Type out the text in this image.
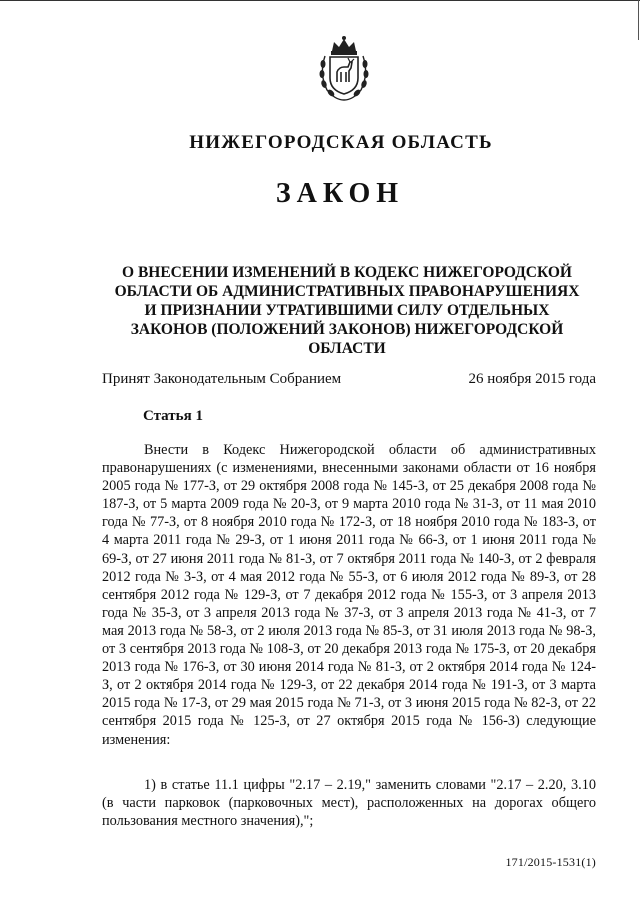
НИЖЕГОРОДСКАЯ ОБЛАСТЬ
ЗАКОН

О ВНЕСЕНИИ ИЗМЕНЕНИЙ В КОДЕКС НИЖЕГОРОДСКОЙ ОБЛАСТИ ОБ АДМИНИСТРАТИВНЫХ ПРАВОНАРУШЕНИЯХ И ПРИЗНАНИИ УТРАТИВШИМИ СИЛУ ОТДЕЛЬНЫХ ЗАКОНОВ (ПОЛОЖЕНИЙ ЗАКОНОВ) НИЖЕГОРОДСКОЙ ОБЛАСТИ

Принят Законодательным Собранием	26 ноября 2015 года
Статья 1

Внести в Кодекс Нижегородской области об административных правонарушениях (с изменениями, внесенными законами области от 16 ноября 2005 года № 177-З, от 29 октября 2008 года № 145-З, от 25 декабря 2008 года № 187-З, от 5 марта 2009 года № 20-З, от 9 марта 2010 года № 31-З, от 11 мая 2010 года № 77-З, от 8 ноября 2010 года № 172-З, от 18 ноября 2010 года № 183-З, от 4 марта 2011 года № 29-З, от 1 июня 2011 года № 66-З, от 1 июня 2011 года № 69-З, от 27 июня 2011 года № 81-З, от 7 октября 2011 года № 140-З, от 2 февраля 2012 года № 3-З, от 4 мая 2012 года № 55-З, от 6 июля 2012 года № 89-З, от 28 сентября 2012 года № 129-З, от 7 декабря 2012 года № 155-З, от 3 апреля 2013 года № 35-З, от 3 апреля 2013 года № 37-З, от 3 апреля 2013 года № 41-З, от 7 мая 2013 года № 58-З, от 2 июля 2013 года № 85-З, от 31 июля 2013 года № 98-З, от 3 сентября 2013 года № 108-З, от 20 декабря 2013 года № 175-З, от 20 декабря 2013 года № 176-З, от 30 июня 2014 года № 81-З, от 2 октября 2014 года № 124-З, от 2 октября 2014 года № 129-З, от 22 декабря 2014 года № 191-З, от 3 марта 2015 года № 17-З, от 29 мая 2015 года № 71-З, от 3 июня 2015 года № 82-З, от 22 сентября 2015 года № 125-З, от 27 октября 2015 года № 156-З) следующие изменения:

1) в статье 11.1 цифры "2.17 – 2.19," заменить словами "2.17 – 2.20, 3.10 (в части парковок (парковочных мест), расположенных на дорогах общего пользования местного значения),";

171/2015-1531(1)
